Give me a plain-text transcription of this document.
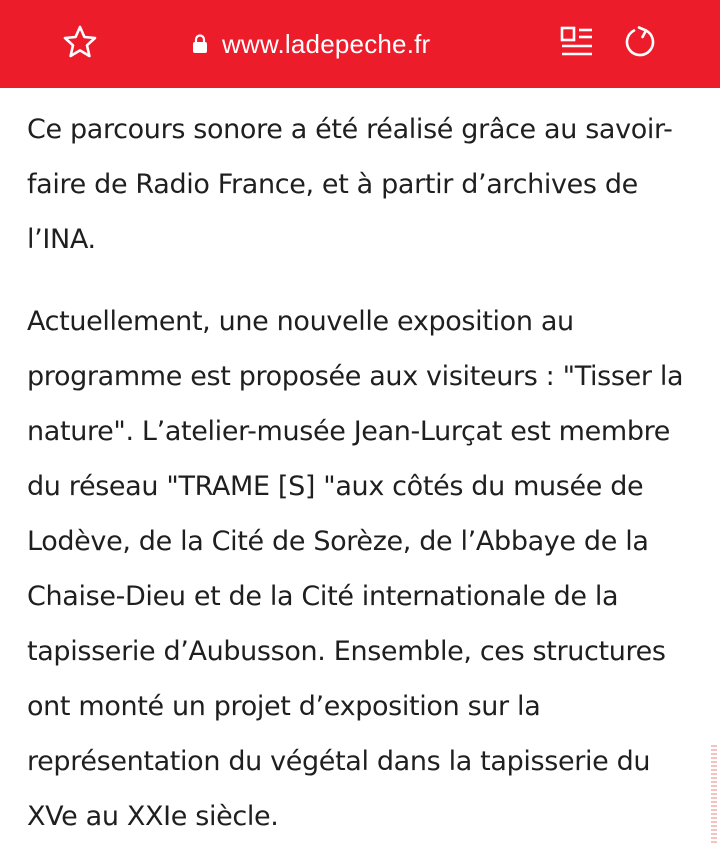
www.ladepeche.fr

Ce parcours sonore a été réalisé grâce au savoir-faire de Radio France, et à partir d’archives de l’INA.

Actuellement, une nouvelle exposition au programme est proposée aux visiteurs : "Tisser la nature". L’atelier-musée Jean-Lurçat est membre du réseau "TRAME [S] "aux côtés du musée de Lodève, de la Cité de Sorèze, de l’Abbaye de la Chaise-Dieu et de la Cité internationale de la tapisserie d’Aubusson. Ensemble, ces structures ont monté un projet d’exposition sur la représentation du végétal dans la tapisserie du XVe au XXIe siècle.
